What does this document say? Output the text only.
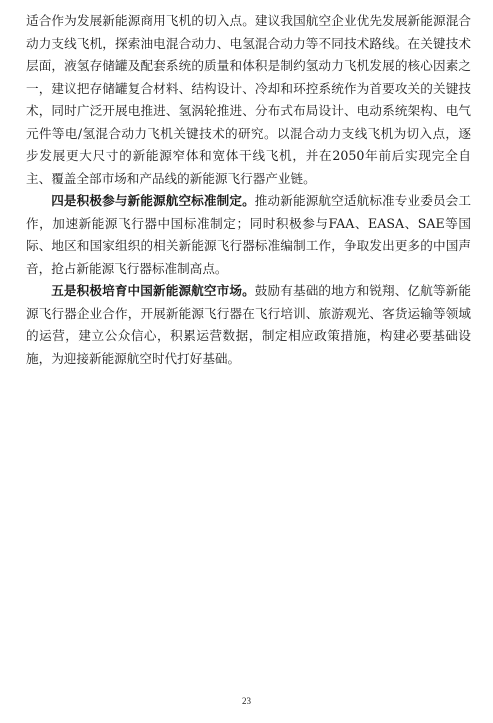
适合作为发展新能源商用飞机的切入点。建议我国航空企业优先发展新能源混合动力支线飞机，探索油电混合动力、电氢混合动力等不同技术路线。在关键技术层面，液氢存储罐及配套系统的质量和体积是制约氢动力飞机发展的核心因素之一，建议把存储罐复合材料、结构设计、冷却和环控系统作为首要攻关的关键技术，同时广泛开展电推进、氢涡轮推进、分布式布局设计、电动系统架构、电气元件等电/氢混合动力飞机关键技术的研究。以混合动力支线飞机为切入点，逐步发展更大尺寸的新能源窄体和宽体干线飞机，并在2050年前后实现完全自主、覆盖全部市场和产品线的新能源飞行器产业链。

四是积极参与新能源航空标准制定。推动新能源航空适航标准专业委员会工作，加速新能源飞行器中国标准制定；同时积极参与FAA、EASA、SAE等国际、地区和国家组织的相关新能源飞行器标准编制工作，争取发出更多的中国声音，抢占新能源飞行器标准制高点。

五是积极培育中国新能源航空市场。鼓励有基础的地方和锐翔、亿航等新能源飞行器企业合作，开展新能源飞行器在飞行培训、旅游观光、客货运输等领域的运营，建立公众信心，积累运营数据，制定相应政策措施，构建必要基础设施，为迎接新能源航空时代打好基础。

23
